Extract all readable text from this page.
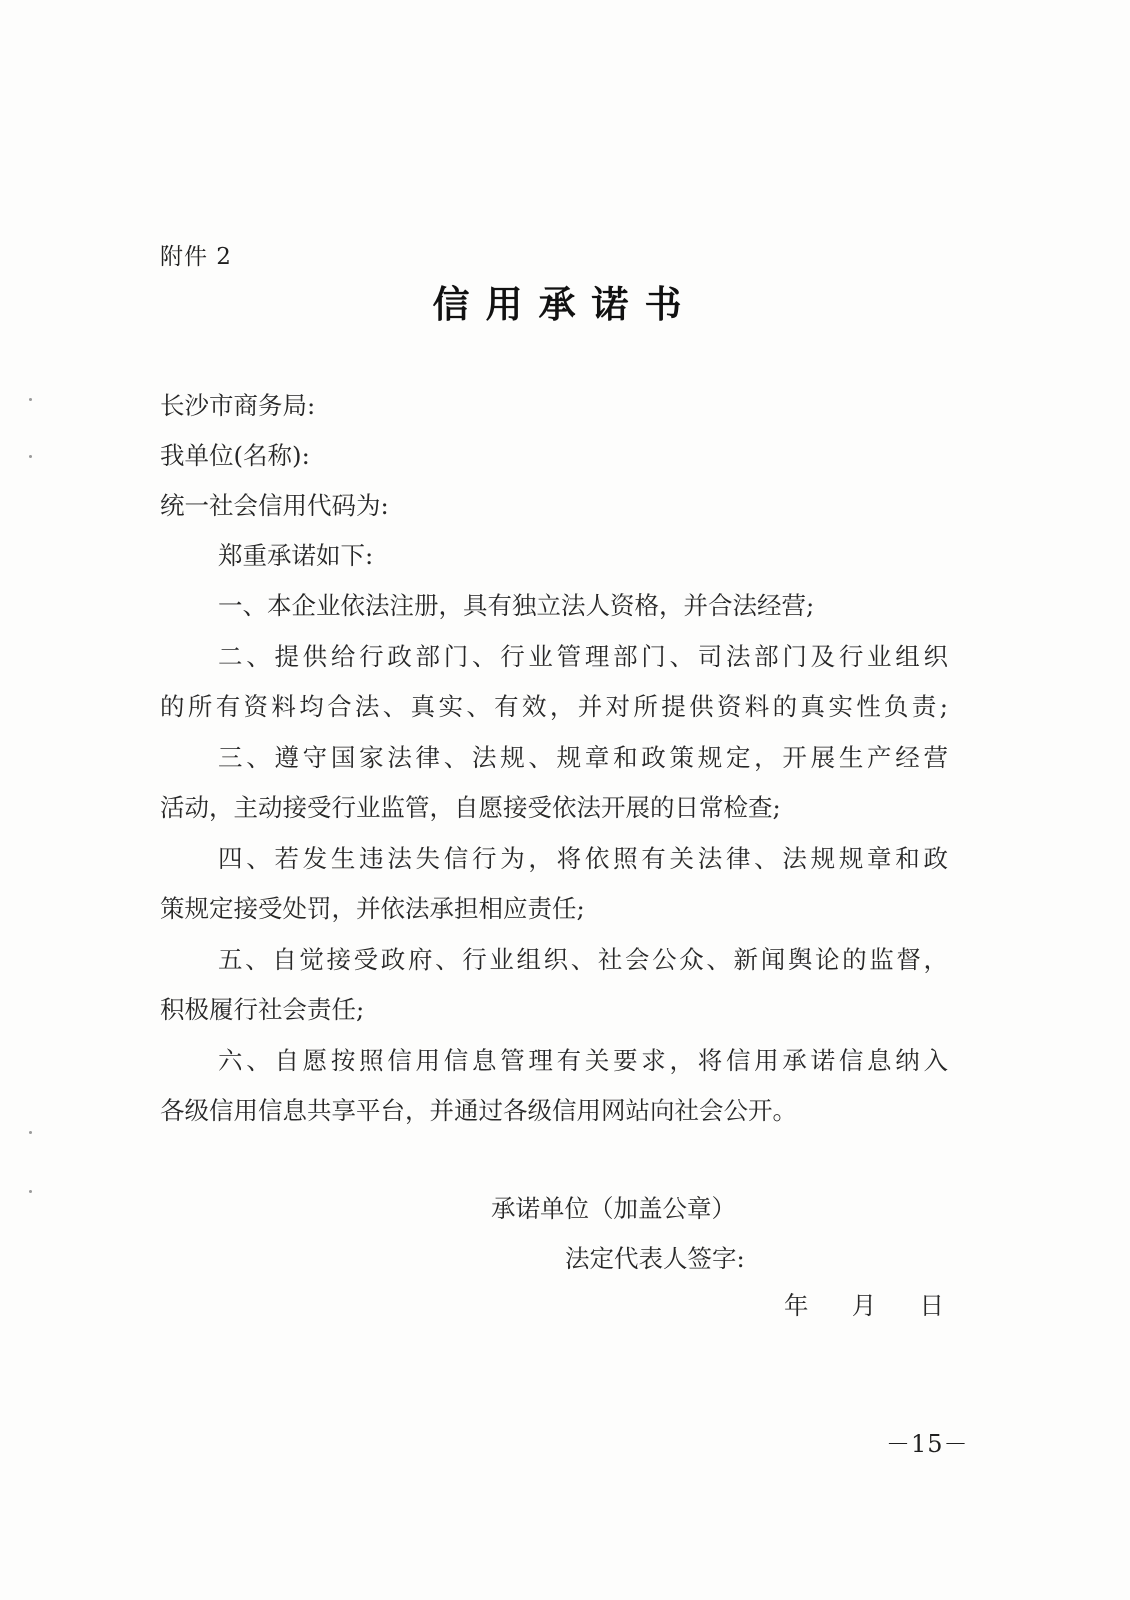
附件 2
信用承诺书
长沙市商务局:
我单位(名称):
统一社会信用代码为:
郑重承诺如下:
一、本企业依法注册，具有独立法人资格，并合法经营;
二、提供给行政部门、行业管理部门、司法部门及行业组织
的所有资料均合法、真实、有效，并对所提供资料的真实性负责;
三、遵守国家法律、法规、规章和政策规定，开展生产经营
活动，主动接受行业监管，自愿接受依法开展的日常检查;
四、若发生违法失信行为，将依照有关法律、法规规章和政
策规定接受处罚，并依法承担相应责任;
五、自觉接受政府、行业组织、社会公众、新闻舆论的监督，
积极履行社会责任;
六、自愿按照信用信息管理有关要求，将信用承诺信息纳入
各级信用信息共享平台，并通过各级信用网站向社会公开。
承诺单位（加盖公章）
法定代表人签字:
年 月 日
－15－
